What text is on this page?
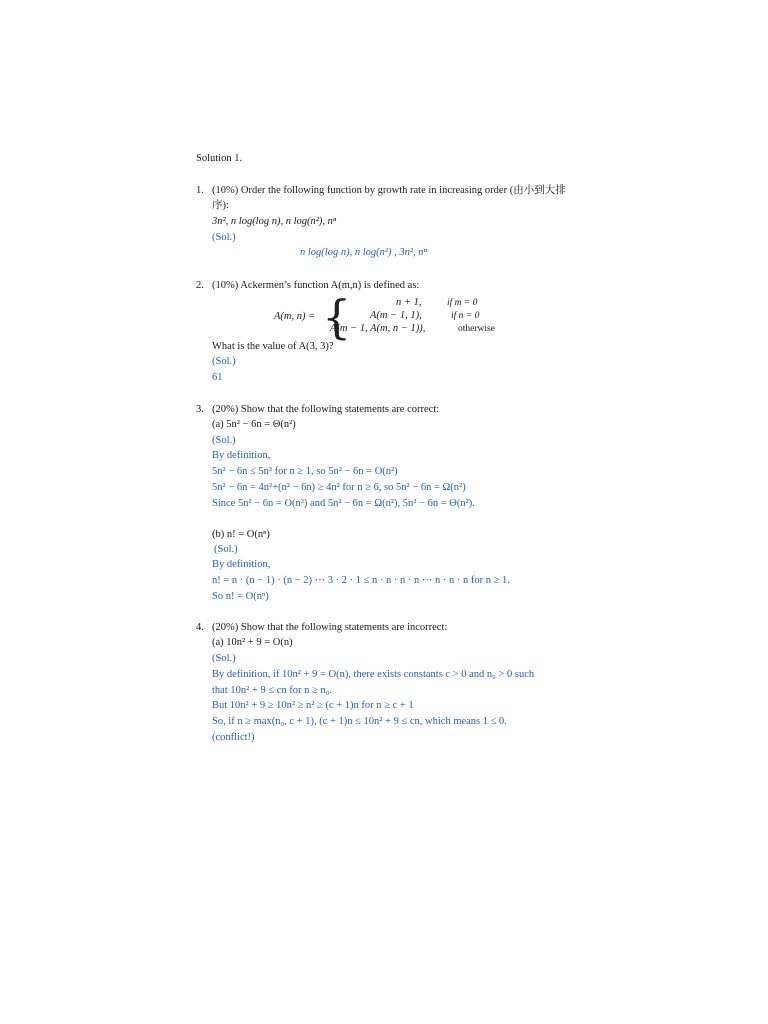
Solution 1.
1. (10%) Order the following function by growth rate in increasing order (由小到大排
序):
3n², n log(log n), n log(n²), nⁿ
(Sol.)
n log(log n), n log(n²) , 3n², nⁿ
2. (10%) Ackermen’s function A(m,n) is defined as:
A(m, n) = {	n + 1,	if m = 0
A(m − 1, 1),	if n = 0
A(m − 1, A(m, n − 1)),	otherwise
What is the value of A(3, 3)?
(Sol.)
61
3. (20%) Show that the following statements are correct:
(a) 5n² − 6n = Θ(n²)
(Sol.)
By definition,
5n² − 6n ≤ 5n² for n ≥ 1, so 5n² − 6n = O(n²)
5n² − 6n = 4n²+(n² − 6n) ≥ 4n² for n ≥ 6, so 5n² − 6n = Ω(n²)
Since 5n² − 6n = O(n²) and 5n² − 6n = Ω(n²), 5n² − 6n = Θ(n²).
(b) n! = O(nⁿ)
(Sol.)
By definition,
n! = n · (n − 1) · (n − 2) ⋯ 3 · 2 · 1 ≤ n · n · n · n ⋯ n · n · n for n ≥ 1.
So n! = O(nⁿ)
4. (20%) Show that the following statements are incorrect:
(a) 10n² + 9 = O(n)
(Sol.)
By definition, if 10n² + 9 = O(n), there exists constants c > 0 and n₀ > 0 such
that 10n² + 9 ≤ cn for n ≥ n₀.
But 10n² + 9 ≥ 10n² ≥ n² ≥ (c + 1)n for n ≥ c + 1
So, if n ≥ max(n₀, c + 1), (c + 1)n ≤ 10n² + 9 ≤ cn, which means 1 ≤ 0.
(conflict!)
